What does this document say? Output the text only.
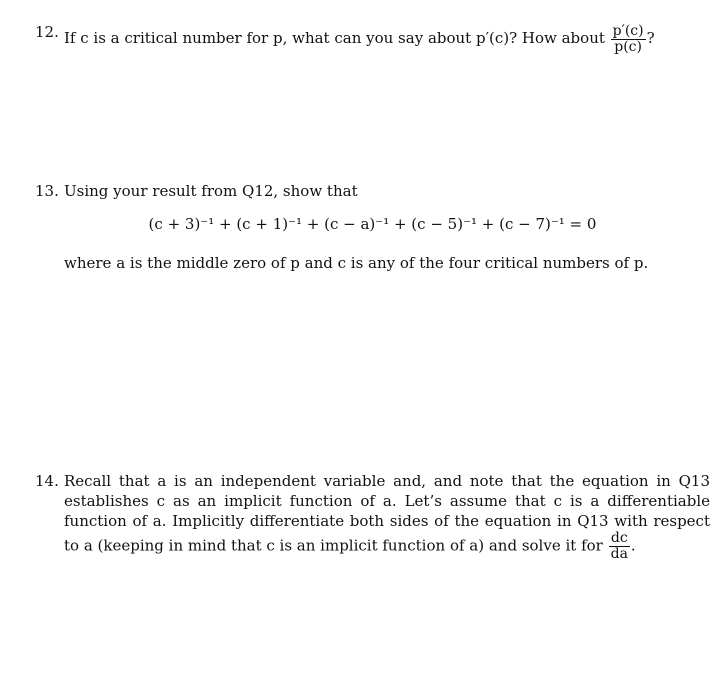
12. If c is a critical number for p, what can you say about p′(c)? How about $\frac{p'(c)}{p(c)}$ ?
13. Using your result from Q12, show that
(c + 3)⁻¹ + (c + 1)⁻¹ + (c − a)⁻¹ + (c − 5)⁻¹ + (c − 7)⁻¹ = 0
where a is the middle zero of p and c is any of the four critical numbers of p.
14. Recall that a is an independent variable and, and note that the equation in Q13 establishes c as an implicit function of a. Let’s assume that c is a differentiable function of a. Implicitly differentiate both sides of the equation in Q13 with respect to a (keeping in mind that c is an implicit function of a) and solve it for $\frac{dc}{da}$ .
